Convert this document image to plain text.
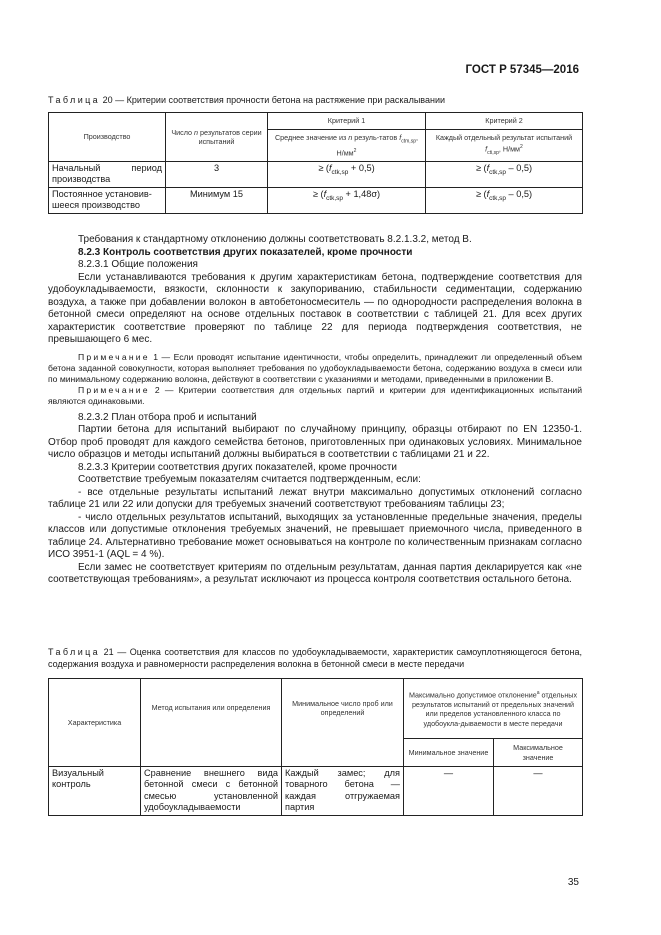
ГОСТ Р 57345—2016
Таблица 20 — Критерии соответствия прочности бетона на растяжение при раскалывании
Производство	Число n результатов серии испытаний	Критерий 1	Критерий 2
		Среднее значение из n резуль-татов $f_{ctm,sp}$, $Н/мм^2$	Каждый отдельный результат испытаний $f_{cti,sp}$, $Н/мм^2$

Начальный период
производства	3	≥ $(f_{ctk,sp} + 0,5)$	≥ $(f_{ctk,sp} - 0,5)$

Постоянное установив-
шееся производство	Минимум 15	≥ $(f_{ctk,sp} + 1,48\sigma)$	≥ $(f_{ctk,sp} - 0,5)$

Требования к стандартному отклонению должны соответствовать 8.2.1.3.2, метод В.

8.2.3 Контроль соответствия других показателей, кроме прочности

8.2.3.1 Общие положения

Если устанавливаются требования к другим характеристикам бетона, подтверждение соответствия для удобоукладываемости, вязкости, склонности к закупориванию, стабильности седиментации, содержанию воздуха, а также при добавлении волокон в автобетоносмеситель — по однородности распределения волокна в бетонной смеси определяют на основе отдельных поставок в соответствии с таблицей 21. Для всех других характеристик соответствие проверяют по таблице 22 для периода подтверждения соответствия, не превышающего 6 мес.

Примечание 1 — Если проводят испытание идентичности, чтобы определить, принадлежит ли определенный объем бетона заданной совокупности, которая выполняет требования по удобоукладываемости бетона, содержанию воздуха в смеси или по минимальному содержанию волокна, действуют в соответствии с указаниями и методами, приведенными в приложении В.

Примечание 2 — Критерии соответствия для отдельных партий и критерии для идентификационных испытаний являются одинаковыми.

8.2.3.2 План отбора проб и испытаний

Партии бетона для испытаний выбирают по случайному принципу, образцы отбирают по EN 12350-1. Отбор проб проводят для каждого семейства бетонов, приготовленных при одинаковых условиях. Минимальное число образцов и методы испытаний должны выбираться в соответствии с таблицами 21 и 22.

8.2.3.3 Критерии соответствия других показателей, кроме прочности

Соответствие требуемым показателям считается подтвержденным, если:

- все отдельные результаты испытаний лежат внутри максимально допустимых отклонений согласно таблице 21 или 22 или допуски для требуемых значений соответствуют требованиям таблицы 23;

- число отдельных результатов испытаний, выходящих за установленные предельные значения, пределы классов или допустимые отклонения требуемых значений, не превышает приемочного числа, приведенного в таблице 24. Альтернативно требование может основываться на контроле по количественным признакам согласно ИСО 3951-1 (AQL = 4 %).

Если замес не соответствует критериям по отдельным результатам, данная партия декларируется как «не соответствующая требованиям», а результат исключают из процесса контроля соответствия остального бетона.

Таблица 21 — Оценка соответствия для классов по удобоукладываемости, характеристик самоуплотняющегося бетона, содержания воздуха и равномерности распределения волокна в бетонной смеси в месте передачи
Характеристика	Метод испытания или определения	Минимальное число проб или определений	Максимально допустимое отклонение$^a$ отдельных результатов испытаний от предельных значений или пределов установленного класса по удобоукла-дываемости в месте передачи	
			Минимальное значение	Максимальное значение
Визуальный контроль	Сравнение внешнего вида бетонной смеси с бетонной смесью установленной удобоукладываемости	Каждый замес; для товарного бетона — каждая отгружаемая партия	—	—
35
